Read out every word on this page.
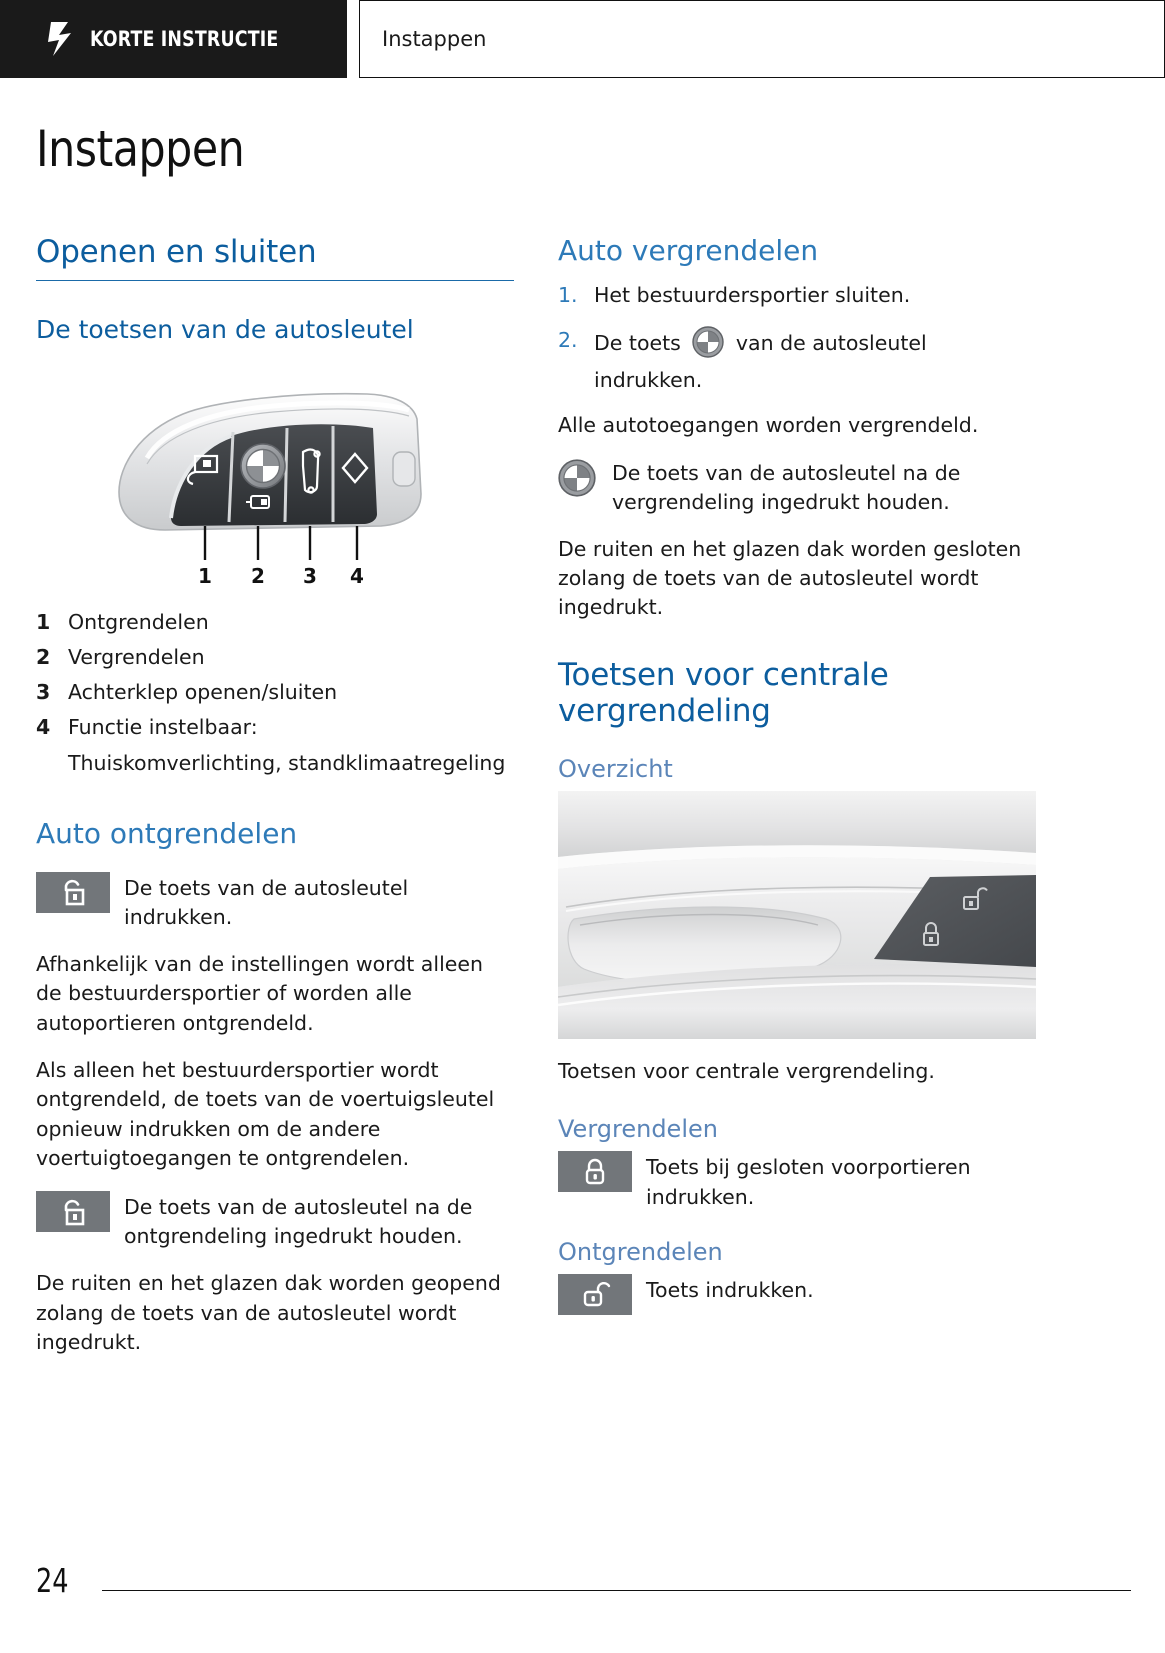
KORTE INSTRUCTIE	Instappen
Instappen
Openen en sluiten
De toetsen van de autosleutel
1 2 3 4
1 Ontgrendelen
2 Vergrendelen
3 Achterklep openen/sluiten
4 Functie instelbaar:
Thuiskomverlichting, standklimaatregeling
Auto ontgrendelen
De toets van de autosleutel indrukken.

Afhankelijk van de instellingen wordt alleen de bestuurdersportier of worden alle autoportieren ontgrendeld.

Als alleen het bestuurdersportier wordt ontgrendeld, de toets van de voertuigsleutel opnieuw indrukken om de andere voertuigtoegangen te ontgrendelen.

De toets van de autosleutel na de ontgrendeling ingedrukt houden.

De ruiten en het glazen dak worden geopend zolang de toets van de autosleutel wordt ingedrukt.

Auto vergrendelen
1. Het bestuurdersportier sluiten.
2. De toets	van de autosleutel indrukken.

Alle autotoegangen worden vergrendeld.

De toets van de autosleutel na de vergrendeling ingedrukt houden.

De ruiten en het glazen dak worden gesloten zolang de toets van de autosleutel wordt ingedrukt.

Toetsen voor centrale vergrendeling
Overzicht

Toetsen voor centrale vergrendeling.

Vergrendelen
Toets bij gesloten voorportieren indrukken.
Ontgrendelen
Toets indrukken.
24
